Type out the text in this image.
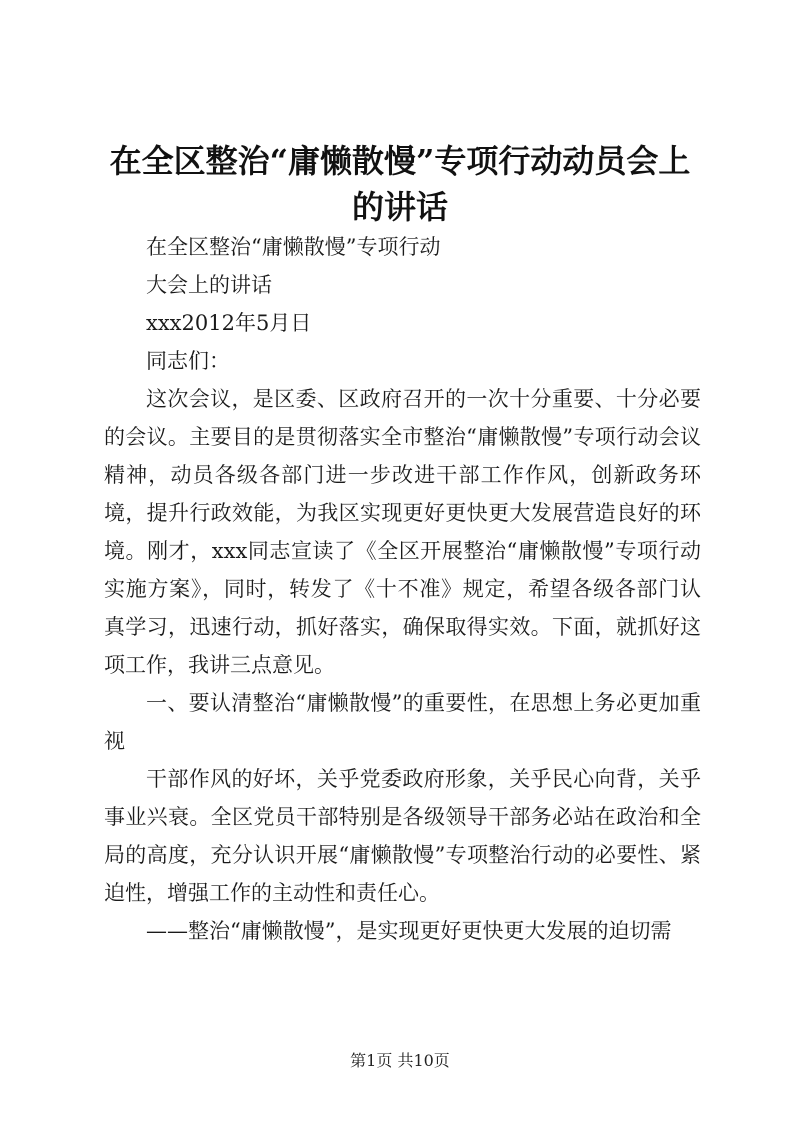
在全区整治“庸懒散慢”专项行动动员会上的讲话

在全区整治“庸懒散慢”专项行动

大会上的讲话

xxx2012年5月日

同志们：

这次会议，是区委、区政府召开的一次十分重要、十分必要的会议。主要目的是贯彻落实全市整治“庸懒散慢”专项行动会议精神，动员各级各部门进一步改进干部工作作风，创新政务环境，提升行政效能，为我区实现更好更快更大发展营造良好的环境。刚才，xxx同志宣读了《全区开展整治“庸懒散慢”专项行动实施方案》，同时，转发了《十不准》规定，希望各级各部门认真学习，迅速行动，抓好落实，确保取得实效。下面，就抓好这项工作，我讲三点意见。

一、要认清整治“庸懒散慢”的重要性，在思想上务必更加重视

干部作风的好坏，关乎党委政府形象，关乎民心向背，关乎事业兴衰。全区党员干部特别是各级领导干部务必站在政治和全局的高度，充分认识开展“庸懒散慢”专项整治行动的必要性、紧迫性，增强工作的主动性和责任心。

——整治“庸懒散慢”，是实现更好更快更大发展的迫切需

第1页 共10页
